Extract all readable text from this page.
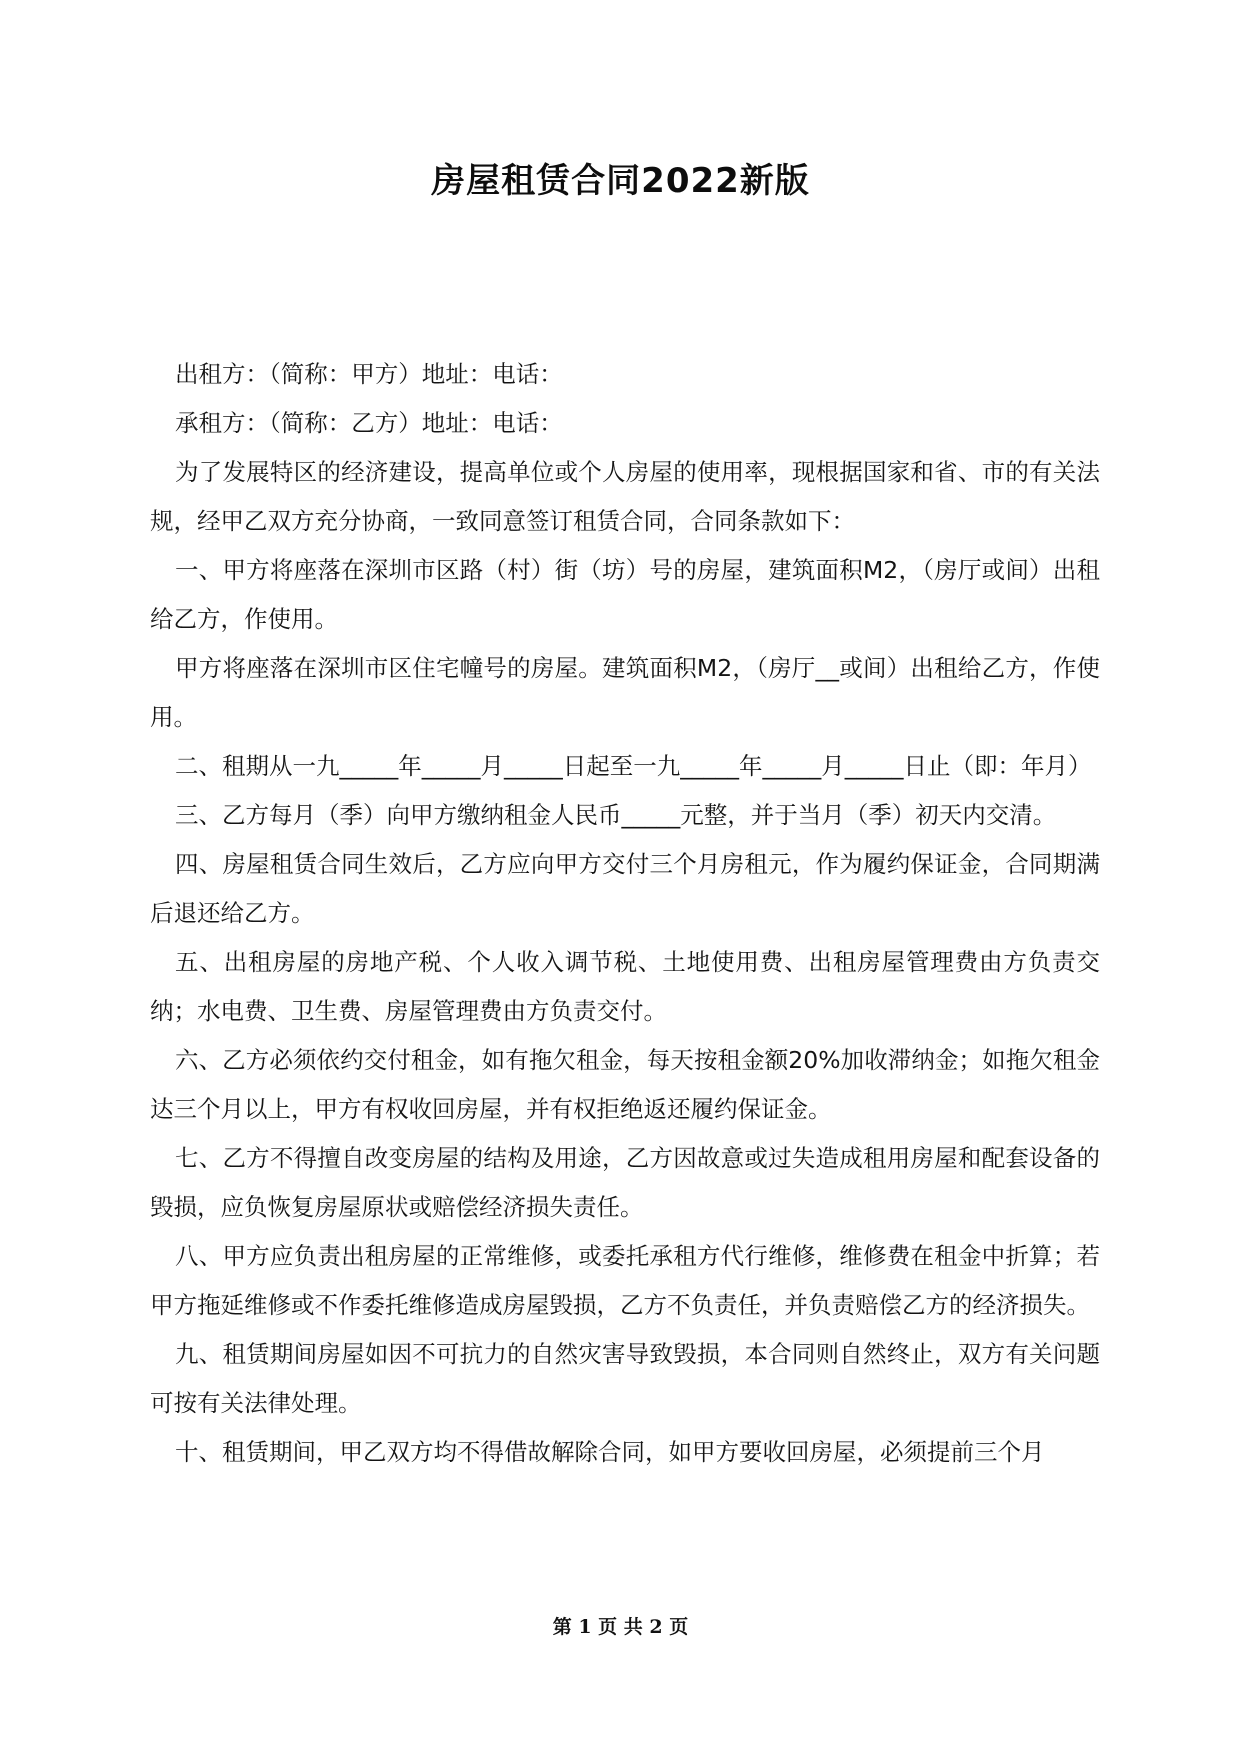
房屋租赁合同2022新版

出租方：（简称：甲方）地址：电话：

承租方：（简称：乙方）地址：电话：

为了发展特区的经济建设，提高单位或个人房屋的使用率，现根据国家和省、市的有关法规，经甲乙双方充分协商，一致同意签订租赁合同，合同条款如下：

一、甲方将座落在深圳市区路（村）街（坊）号的房屋，建筑面积M2，（房厅或间）出租给乙方，作使用。

甲方将座落在深圳市区住宅幢号的房屋。建筑面积M2，（房厅__或间）出租给乙方，作使用。

二、租期从一九_____年_____月_____日起至一九_____年_____月_____日止（即：年月）

三、乙方每月（季）向甲方缴纳租金人民币_____元整，并于当月（季）初天内交清。

四、房屋租赁合同生效后，乙方应向甲方交付三个月房租元，作为履约保证金，合同期满后退还给乙方。

五、出租房屋的房地产税、个人收入调节税、土地使用费、出租房屋管理费由方负责交纳；水电费、卫生费、房屋管理费由方负责交付。

六、乙方必须依约交付租金，如有拖欠租金，每天按租金额20%加收滞纳金；如拖欠租金达三个月以上，甲方有权收回房屋，并有权拒绝返还履约保证金。

七、乙方不得擅自改变房屋的结构及用途，乙方因故意或过失造成租用房屋和配套设备的毁损，应负恢复房屋原状或赔偿经济损失责任。

八、甲方应负责出租房屋的正常维修，或委托承租方代行维修，维修费在租金中折算；若甲方拖延维修或不作委托维修造成房屋毁损，乙方不负责任，并负责赔偿乙方的经济损失。

九、租赁期间房屋如因不可抗力的自然灾害导致毁损，本合同则自然终止，双方有关问题可按有关法律处理。

十、租赁期间，甲乙双方均不得借故解除合同，如甲方要收回房屋，必须提前三个月

第 1 页 共 2 页
